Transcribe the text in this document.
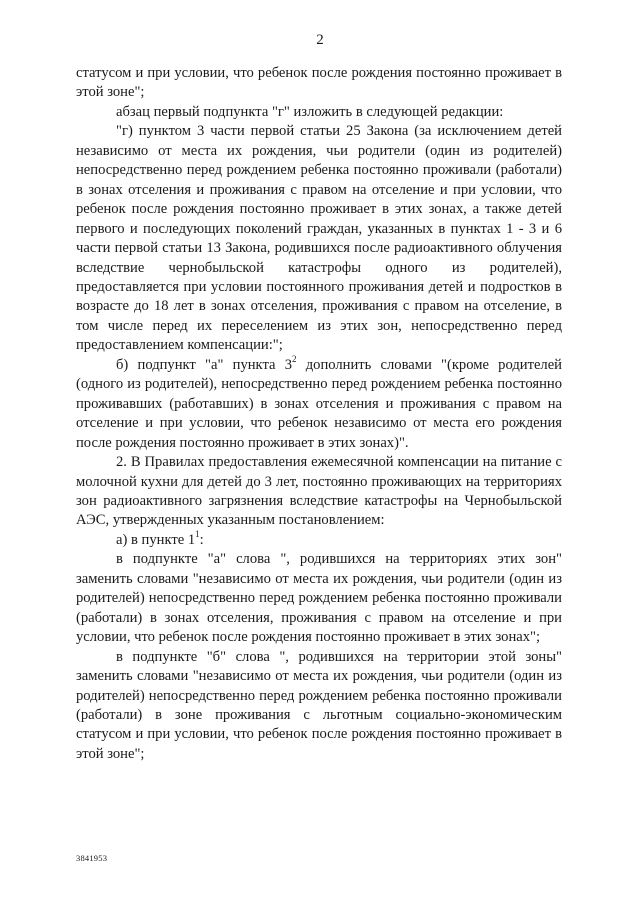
2

статусом и при условии, что ребенок после рождения постоянно проживает в этой зоне";

абзац первый подпункта "г" изложить в следующей редакции:

"г) пунктом 3 части первой статьи 25 Закона (за исключением детей независимо от места их рождения, чьи родители (один из родителей) непосредственно перед рождением ребенка постоянно проживали (работали) в зонах отселения и проживания с правом на отселение и при условии, что ребенок после рождения постоянно проживает в этих зонах, а также детей первого и последующих поколений граждан, указанных в пунктах 1 - 3 и 6 части первой статьи 13 Закона, родившихся после радиоактивного облучения вследствие чернобыльской катастрофы одного из родителей), предоставляется при условии постоянного проживания детей и подростков в возрасте до 18 лет в зонах отселения, проживания с правом на отселение, в том числе перед их переселением из этих зон, непосредственно перед предоставлением компенсации:";

б) подпункт "а" пункта $3^2$ дополнить словами "(кроме родителей (одного из родителей), непосредственно перед рождением ребенка постоянно проживавших (работавших) в зонах отселения и проживания с правом на отселение и при условии, что ребенок независимо от места его рождения после рождения постоянно проживает в этих зонах)".

2. В Правилах предоставления ежемесячной компенсации на питание с молочной кухни для детей до 3 лет, постоянно проживающих на территориях зон радиоактивного загрязнения вследствие катастрофы на Чернобыльской АЭС, утвержденных указанным постановлением:

а) в пункте $1^1$:

в подпункте "а" слова ", родившихся на территориях этих зон" заменить словами "независимо от места их рождения, чьи родители (один из родителей) непосредственно перед рождением ребенка постоянно проживали (работали) в зонах отселения, проживания с правом на отселение и при условии, что ребенок после рождения постоянно проживает в этих зонах";

в подпункте "б" слова ", родившихся на территории этой зоны" заменить словами "независимо от места их рождения, чьи родители (один из родителей) непосредственно перед рождением ребенка постоянно проживали (работали) в зоне проживания с льготным социально-экономическим статусом и при условии, что ребенок после рождения постоянно проживает в этой зоне";

3841953
